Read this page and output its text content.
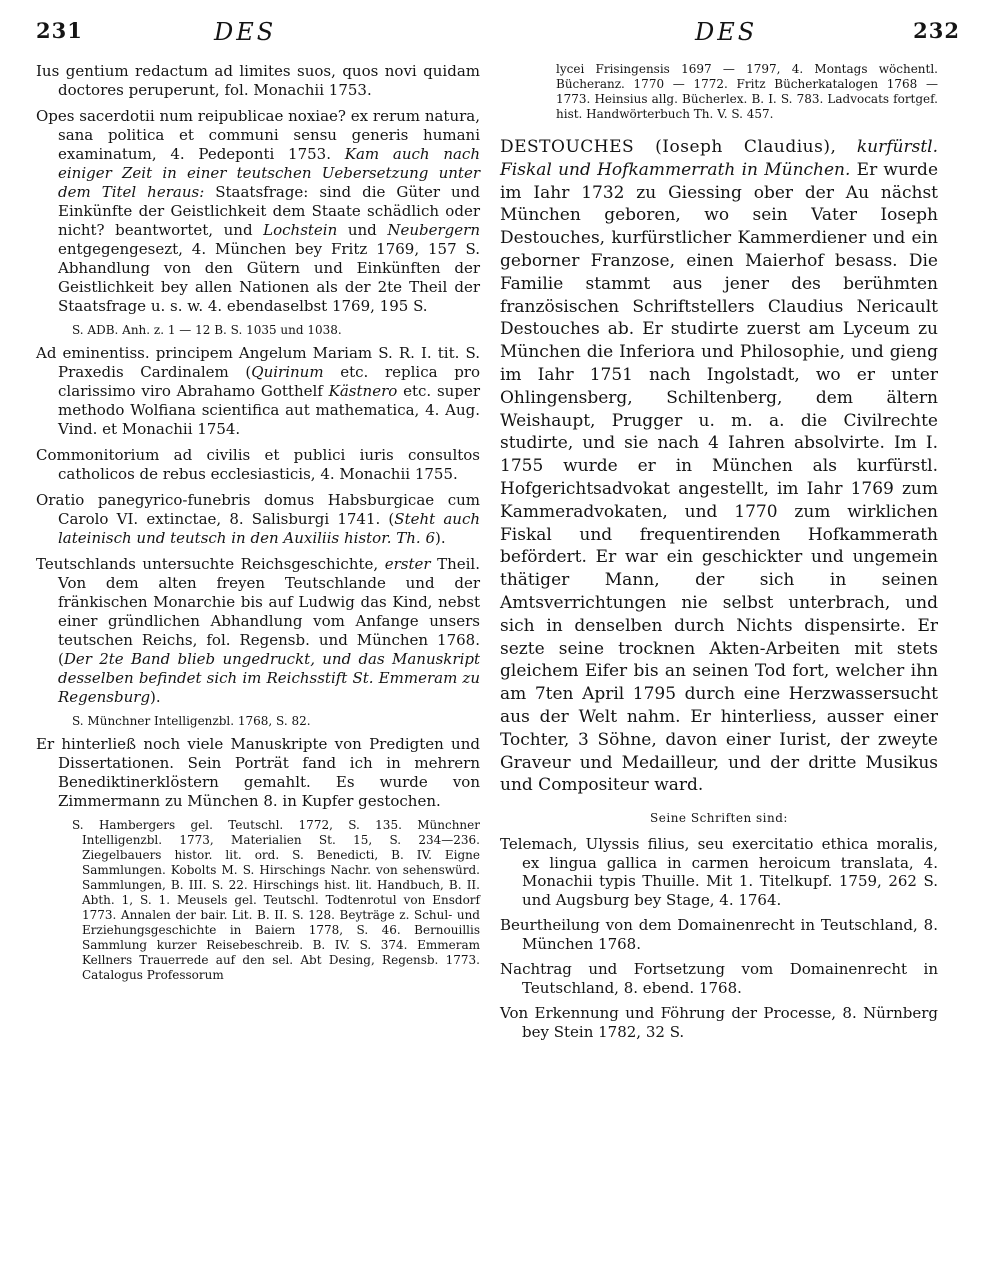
231	DES	DES	232

Ius gentium redactum ad limites suos, quos novi quidam doctores peruperunt, fol. Monachii 1753.

Opes sacerdotii num reipublicae noxiae? ex rerum natura, sana politica et communi sensu generis humani examinatum, 4. Pedeponti 1753. Kam auch nach einiger Zeit in einer teutschen Uebersetzung unter dem Titel heraus: Staatsfrage: sind die Güter und Einkünfte der Geistlichkeit dem Staate schädlich oder nicht? beantwortet, und Lochstein und Neubergern entgegengesezt, 4. München bey Fritz 1769, 157 S. Abhandlung von den Gütern und Einkünften der Geistlichkeit bey allen Nationen als der 2te Theil der Staatsfrage u. s. w. 4. ebendaselbst 1769, 195 S.

S. ADB. Anh. z. 1 — 12 B. S. 1035 und 1038.

Ad eminentiss. principem Angelum Mariam S. R. I. tit. S. Praxedis Cardinalem (Quirinum etc. replica pro clarissimo viro Abrahamo Gotthelf Kästnero etc. super methodo Wolfiana scientifica aut mathematica, 4. Aug. Vind. et Monachii 1754.

Commonitorium ad civilis et publici iuris consultos catholicos de rebus ecclesiasticis, 4. Monachii 1755.

Oratio panegyrico-funebris domus Habsburgicae cum Carolo VI. extinctae, 8. Salisburgi 1741. (Steht auch lateinisch und teutsch in den Auxiliis histor. Th. 6).

Teutschlands untersuchte Reichsgeschichte, erster Theil. Von dem alten freyen Teutschlande und der fränkischen Monarchie bis auf Ludwig das Kind, nebst einer gründlichen Abhandlung vom Anfange unsers teutschen Reichs, fol. Regensb. und München 1768. (Der 2te Band blieb ungedruckt, und das Manuskript desselben befindet sich im Reichsstift St. Emmeram zu Regensburg).

S. Münchner Intelligenzbl. 1768, S. 82.

Er hinterließ noch viele Manuskripte von Predigten und Dissertationen. Sein Porträt fand ich in mehrern Benediktinerklöstern gemahlt. Es wurde von Zimmermann zu München 8. in Kupfer gestochen.

S. Hambergers gel. Teutschl. 1772, S. 135. Münchner Intelligenzbl. 1773, Materialien St. 15, S. 234—236. Ziegelbauers histor. lit. ord. S. Benedicti, B. IV. Eigne Sammlungen. Kobolts M. S. Hirschings Nachr. von sehenswürd. Sammlungen, B. III. S. 22. Hirschings hist. lit. Handbuch, B. II. Abth. 1, S. 1. Meusels gel. Teutschl. Todtenrotul von Ensdorf 1773. Annalen der bair. Lit. B. II. S. 128. Beyträge z. Schul- und Erziehungsgeschichte in Baiern 1778, S. 46. Bernouillis Sammlung kurzer Reisebeschreib. B. IV. S. 374. Emmeram Kellners Trauerrede auf den sel. Abt Desing, Regensb. 1773. Catalogus Professorum

lycei Frisingensis 1697 — 1797, 4. Montags wöchentl. Bücheranz. 1770 — 1772. Fritz Bücherkatalogen 1768 — 1773. Heinsius allg. Bücherlex. B. I. S. 783. Ladvocats fortgef. hist. Handwörterbuch Th. V. S. 457.

DESTOUCHES (Ioseph Claudius), kurfürstl. Fiskal und Hofkammerrath in München. Er wurde im Iahr 1732 zu Giessing ober der Au nächst München geboren, wo sein Vater Ioseph Destouches, kurfürstlicher Kammerdiener und ein geborner Franzose, einen Maierhof besass. Die Familie stammt aus jener des berühmten französischen Schriftstellers Claudius Nericault Destouches ab. Er studirte zuerst am Lyceum zu München die Inferiora und Philosophie, und gieng im Iahr 1751 nach Ingolstadt, wo er unter Ohlingensberg, Schiltenberg, dem ältern Weishaupt, Prugger u. m. a. die Civilrechte studirte, und sie nach 4 Iahren absolvirte. Im I. 1755 wurde er in München als kurfürstl. Hofgerichtsadvokat angestellt, im Iahr 1769 zum Kammeradvokaten, und 1770 zum wirklichen Fiskal und frequentirenden Hofkammerath befördert. Er war ein geschickter und ungemein thätiger Mann, der sich in seinen Amtsverrichtungen nie selbst unterbrach, und sich in denselben durch Nichts dispensirte. Er sezte seine trocknen Akten-Arbeiten mit stets gleichem Eifer bis an seinen Tod fort, welcher ihn am 7ten April 1795 durch eine Herzwassersucht aus der Welt nahm. Er hinterliess, ausser einer Tochter, 3 Söhne, davon einer Iurist, der zweyte Graveur und Medailleur, und der dritte Musikus und Compositeur ward.

Seine Schriften sind:

Telemach, Ulyssis filius, seu exercitatio ethica moralis, ex lingua gallica in carmen heroicum translata, 4. Monachii typis Thuille. Mit 1. Titelkupf. 1759, 262 S. und Augsburg bey Stage, 4. 1764.

Beurtheilung von dem Domainenrecht in Teutschland, 8. München 1768.

Nachtrag und Fortsetzung vom Domainenrecht in Teutschland, 8. ebend. 1768.

Von Erkennung und Föhrung der Processe, 8. Nürnberg bey Stein 1782, 32 S.
